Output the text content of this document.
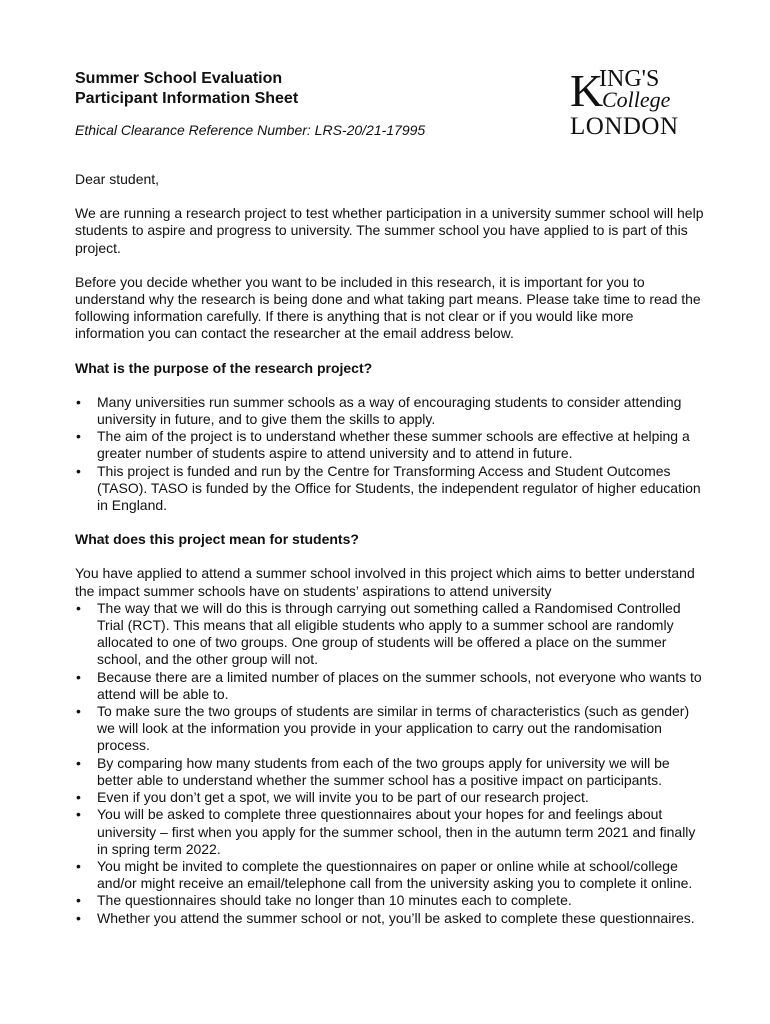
Summer School Evaluation
Participant Information Sheet
Ethical Clearance Reference Number: LRS-20/21-17995
K
ING'S
College
LONDON

Dear student,

We are running a research project to test whether participation in a university summer school will help students to aspire and progress to university. The summer school you have applied to is part of this project.

Before you decide whether you want to be included in this research, it is important for you to understand why the research is being done and what taking part means. Please take time to read the following information carefully. If there is anything that is not clear or if you would like more information you can contact the researcher at the email address below.

What is the purpose of the research project?
• Many universities run summer schools as a way of encouraging students to consider attending university in future, and to give them the skills to apply.
• The aim of the project is to understand whether these summer schools are effective at helping a greater number of students aspire to attend university and to attend in future.
• This project is funded and run by the Centre for Transforming Access and Student Outcomes (TASO). TASO is funded by the Office for Students, the independent regulator of higher education in England.
What does this project mean for students?

You have applied to attend a summer school involved in this project which aims to better understand the impact summer schools have on students’ aspirations to attend university

• The way that we will do this is through carrying out something called a Randomised Controlled Trial (RCT). This means that all eligible students who apply to a summer school are randomly allocated to one of two groups. One group of students will be offered a place on the summer school, and the other group will not.
• Because there are a limited number of places on the summer schools, not everyone who wants to attend will be able to.
• To make sure the two groups of students are similar in terms of characteristics (such as gender) we will look at the information you provide in your application to carry out the randomisation process.
• By comparing how many students from each of the two groups apply for university we will be better able to understand whether the summer school has a positive impact on participants.
• Even if you don’t get a spot, we will invite you to be part of our research project.
• You will be asked to complete three questionnaires about your hopes for and feelings about university – first when you apply for the summer school, then in the autumn term 2021 and finally in spring term 2022.
• You might be invited to complete the questionnaires on paper or online while at school/college and/or might receive an email/telephone call from the university asking you to complete it online.
• The questionnaires should take no longer than 10 minutes each to complete.
• Whether you attend the summer school or not, you’ll be asked to complete these questionnaires.
